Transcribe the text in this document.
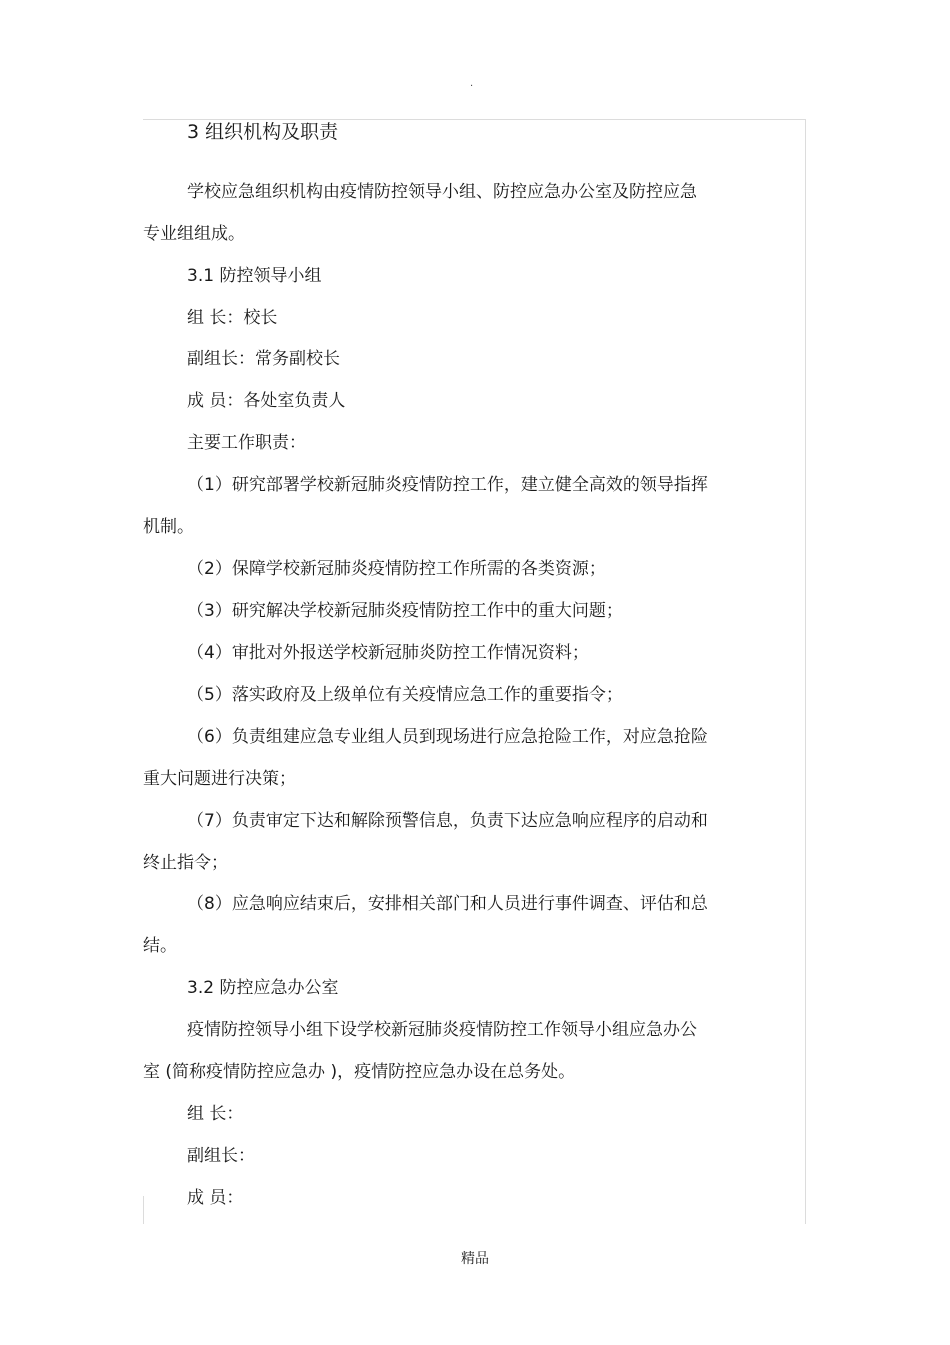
.
3 组织机构及职责
学校应急组织机构由疫情防控领导小组、防控应急办公室及防控应急
专业组组成。
3.1 防控领导小组
组 长：校长
副组长：常务副校长
成 员：各处室负责人
主要工作职责：
（1）研究部署学校新冠肺炎疫情防控工作，建立健全高效的领导指挥
机制。
（2）保障学校新冠肺炎疫情防控工作所需的各类资源；
（3）研究解决学校新冠肺炎疫情防控工作中的重大问题；
（4）审批对外报送学校新冠肺炎防控工作情况资料；
（5）落实政府及上级单位有关疫情应急工作的重要指令；
（6）负责组建应急专业组人员到现场进行应急抢险工作，对应急抢险
重大问题进行决策；
（7）负责审定下达和解除预警信息，负责下达应急响应程序的启动和
终止指令；
（8）应急响应结束后，安排相关部门和人员进行事件调查、评估和总
结。
3.2 防控应急办公室
疫情防控领导小组下设学校新冠肺炎疫情防控工作领导小组应急办公
室 (简称疫情防控应急办 )，疫情防控应急办设在总务处。
组 长：
副组长：
成 员：
精品
